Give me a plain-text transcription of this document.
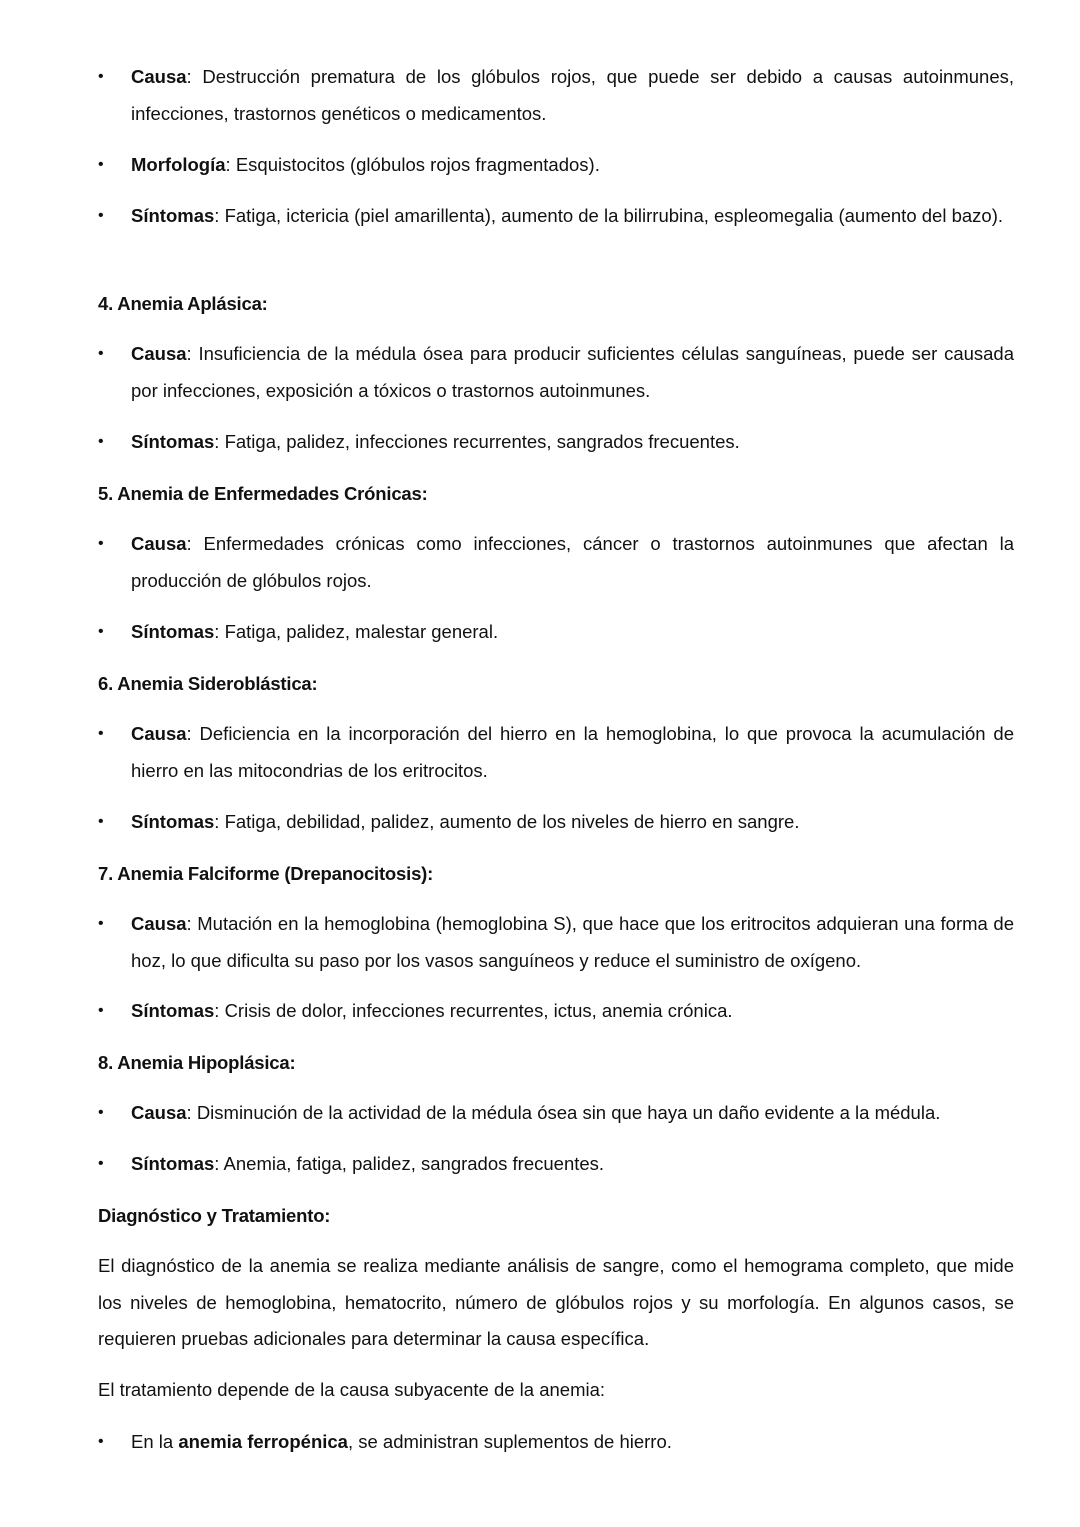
•	Causa: Destrucción prematura de los glóbulos rojos, que puede ser debido a causas autoinmunes, infecciones, trastornos genéticos o medicamentos.
•	Morfología: Esquistocitos (glóbulos rojos fragmentados).
•	Síntomas: Fatiga, ictericia (piel amarillenta), aumento de la bilirrubina, espleomegalia (aumento del bazo).
4. Anemia Aplásica:
•	Causa: Insuficiencia de la médula ósea para producir suficientes células sanguíneas, puede ser causada por infecciones, exposición a tóxicos o trastornos autoinmunes.
•	Síntomas: Fatiga, palidez, infecciones recurrentes, sangrados frecuentes.
5. Anemia de Enfermedades Crónicas:
•	Causa: Enfermedades crónicas como infecciones, cáncer o trastornos autoinmunes que afectan la producción de glóbulos rojos.
•	Síntomas: Fatiga, palidez, malestar general.
6. Anemia Sideroblástica:
•	Causa: Deficiencia en la incorporación del hierro en la hemoglobina, lo que provoca la acumulación de hierro en las mitocondrias de los eritrocitos.
•	Síntomas: Fatiga, debilidad, palidez, aumento de los niveles de hierro en sangre.
7. Anemia Falciforme (Drepanocitosis):
•	Causa: Mutación en la hemoglobina (hemoglobina S), que hace que los eritrocitos adquieran una forma de hoz, lo que dificulta su paso por los vasos sanguíneos y reduce el suministro de oxígeno.
•	Síntomas: Crisis de dolor, infecciones recurrentes, ictus, anemia crónica.
8. Anemia Hipoplásica:
•	Causa: Disminución de la actividad de la médula ósea sin que haya un daño evidente a la médula.
•	Síntomas: Anemia, fatiga, palidez, sangrados frecuentes.
Diagnóstico y Tratamiento:
El diagnóstico de la anemia se realiza mediante análisis de sangre, como el hemograma completo, que mide los niveles de hemoglobina, hematocrito, número de glóbulos rojos y su morfología. En algunos casos, se requieren pruebas adicionales para determinar la causa específica.
El tratamiento depende de la causa subyacente de la anemia:
•	En la anemia ferropénica, se administran suplementos de hierro.
